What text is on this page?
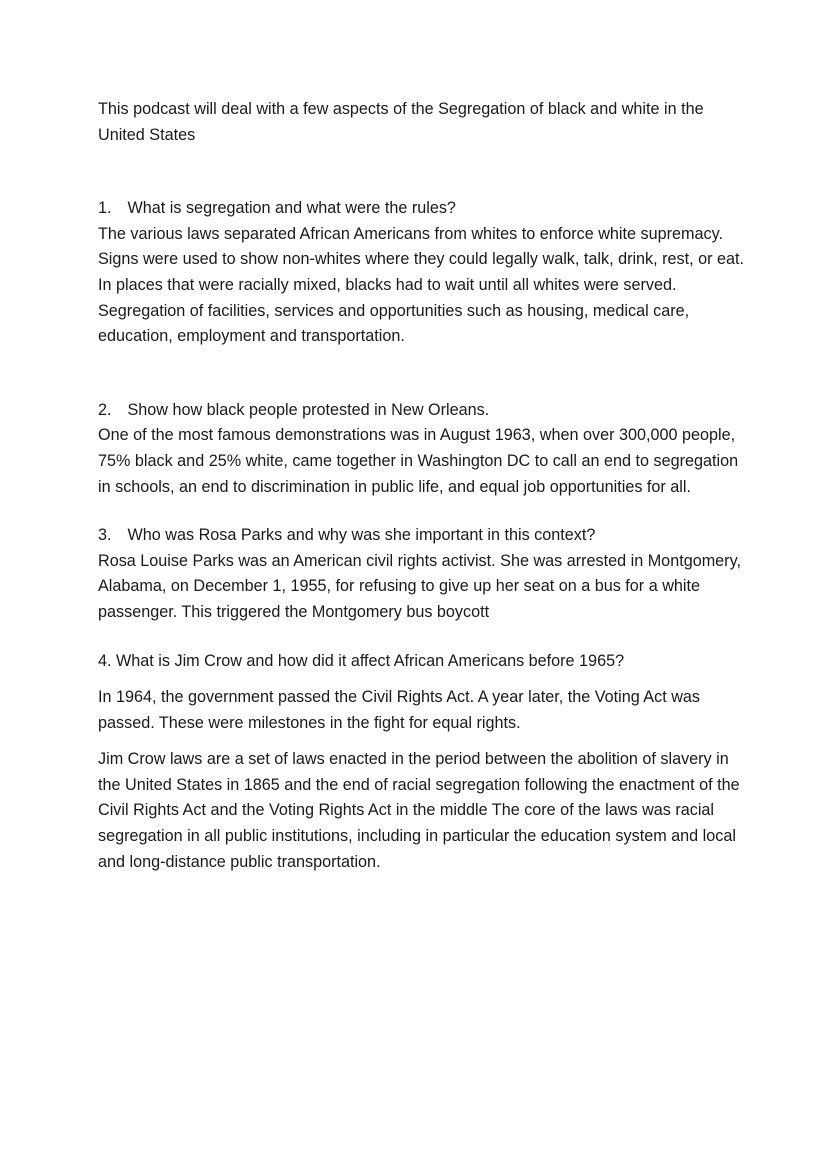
This podcast will deal with a few aspects of the Segregation of black and white in the United States

1. What is segregation and what were the rules?

The various laws separated African Americans from whites to enforce white supremacy. Signs were used to show non-whites where they could legally walk, talk, drink, rest, or eat. In places that were racially mixed, blacks had to wait until all whites were served. Segregation of facilities, services and opportunities such as housing, medical care, education, employment and transportation.

2. Show how black people protested in New Orleans.

One of the most famous demonstrations was in August 1963, when over 300,000 people, 75% black and 25% white, came together in Washington DC to call an end to segregation in schools, an end to discrimination in public life, and equal job opportunities for all.

3. Who was Rosa Parks and why was she important in this context?

Rosa Louise Parks was an American civil rights activist. She was arrested in Montgomery, Alabama, on December 1, 1955, for refusing to give up her seat on a bus for a white passenger. This triggered the Montgomery bus boycott

4. What is Jim Crow and how did it affect African Americans before 1965?

In 1964, the government passed the Civil Rights Act. A year later, the Voting Act was passed. These were milestones in the fight for equal rights.

Jim Crow laws are a set of laws enacted in the period between the abolition of slavery in the United States in 1865 and the end of racial segregation following the enactment of the Civil Rights Act and the Voting Rights Act in the middle The core of the laws was racial segregation in all public institutions, including in particular the education system and local and long-distance public transportation.
